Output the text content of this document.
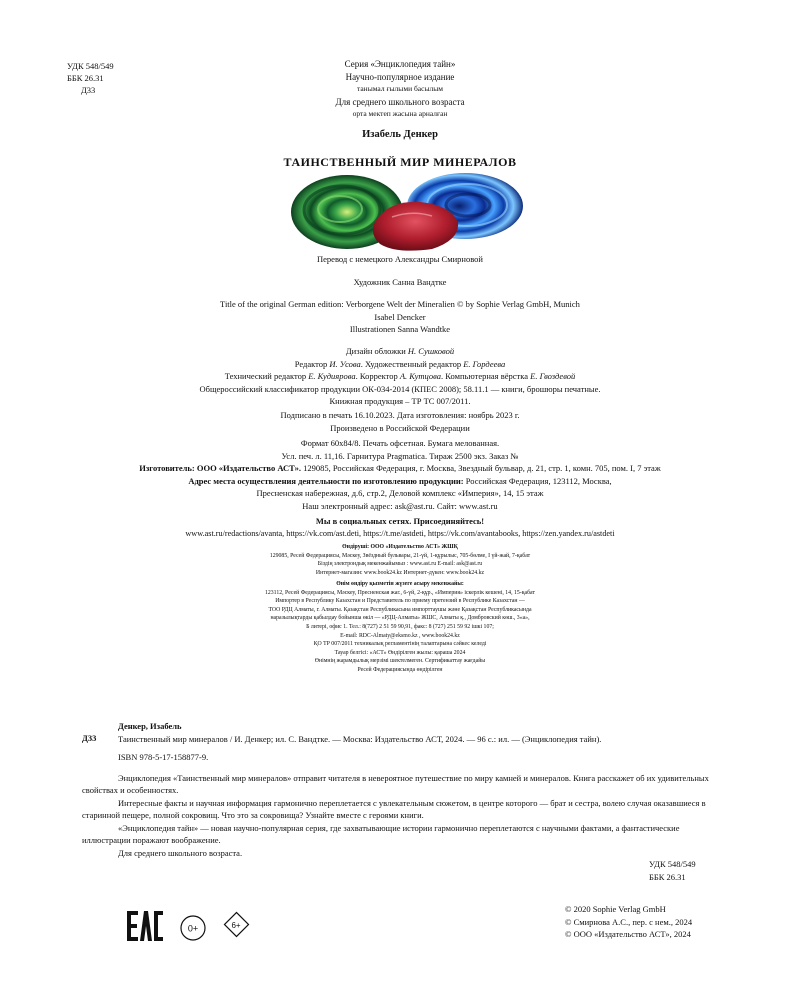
УДК 548/549
ББК 26.31
Д33
Серия «Энциклопедия тайн»
Научно-популярное издание
танымал ғылыми басылым
Для среднего школьного возраста
орта мектеп жасына арналған
Изабель Денкер
ТАИНСТВЕННЫЙ МИР МИНЕРАЛОВ
Перевод с немецкого Александры Смирновой
Художник Санна Вандтке
Title of the original German edition: Verborgene Welt der Mineralien © by Sophie Verlag GmbH, Munich
Isabel Dencker
Illustrationen Sanna Wandtke
Дизайн обложки Н. Сушковой
Редактор И. Усова. Художественный редактор Е. Гордеева
Технический редактор Е. Кудиярова. Корректор А. Кутцова. Компьютерная вёрстка Е. Гвоздевой
Общероссийский классификатор продукции ОК-034-2014 (КПЕС 2008); 58.11.1 — книги, брошюры печатные.
Книжная продукция – ТР ТС 007/2011.
Подписано в печать 16.10.2023. Дата изготовления: ноябрь 2023 г.
Произведено в Российской Федерации
Формат 60x84/8. Печать офсетная. Бумага мелованная.
Усл. печ. л. 11,16. Гарнитура Pragmatica. Тираж 2500 экз. Заказ №
Изготовитель: ООО «Издательство АСТ». 129085, Российская Федерация, г. Москва, Звездный бульвар, д. 21, стр. 1, комн. 705, пом. I, 7 этаж
Адрес места осуществления деятельности по изготовлению продукции: Российская Федерация, 123112, Москва,
Пресненская набережная, д.6, стр.2, Деловой комплекс «Империя», 14, 15 этаж
Наш электронный адрес: ask@ast.ru. Сайт: www.ast.ru
Мы в социальных сетях. Присоединяйтесь!
www.ast.ru/redactions/avanta, https://vk.com/ast.deti, https://t.me/astdeti, https://vk.com/avantabooks, https://zen.yandex.ru/astdeti
Өндіруші: ООО «Издательство АСТ» ЖШҚ
129085, Ресей Федерациясы, Мәскеу, Звёздный бульвары, 21-үй, 1-құрылыс, 705-бөлме, I үй-жай, 7-қабат
Біздің электрондық мекенжайымыз : www.ast.ru E-mail: ask@ast.ru
Интернет-магазин: www.book24.kz Интернет-дүкен: www.book24.kz
Өнім өндіру қызметін жүзеге асыру мекенжайы:
123112, Ресей Федерациясы, Мәскеу, Пресненская жаг., 6-үй, 2-құр., «Империя» іскерлік кешені, 14, 15-қабат
Импортер в Республику Казахстан и Представитель по приему претензий в Республике Казахстан —
ТОО РДЦ Алматы, г. Алматы. Қазақстан Республикасына импорттаушы және Қазақстан Республикасында
наразылықтарды қабылдау бойынша өкіл — «РДЦ-Алматы» ЖШС, Алматы қ., Домбровский көш., 3«а»,
Б литері, офис 1. Тел.: 8(727) 2 51 59 90,91, факс: 8 (727) 251 59 92 ішкі 107;
E-mail: RDC-Almaty@eksmo.kz , www.book24.kz
ҚО ТР 007/2011 техникалық регламентінің талаптарына сәйкес келеді
Тауар белгісі: «АСТ» Өндірілген жылы: қараша 2024
Өнімнің жарамдылық мерзімі шектелмеген. Сертификаттау жағдайы
Ресей Федерациясында өндірілген
Д33

Денкер, Изабель

Таинственный мир минералов / И. Денкер; ил. С. Вандтке. — Москва: Издательство АСТ, 2024. — 96 с.: ил. — (Энциклопедия тайн).

ISBN 978-5-17-158877-9.

Энциклопедия «Таинственный мир минералов» отправит читателя в невероятное путешествие по миру камней и минералов. Книга расскажет об их удивительных свойствах и особенностях.

Интересные факты и научная информация гармонично переплетается с увлекательным сюжетом, в центре которого — брат и сестра, волею случая оказавшиеся в старинной пещере, полной сокровищ. Что это за сокровища? Узнайте вместе с героями книги.

«Энциклопедия тайн» — новая научно-популярная серия, где захватывающие истории гармонично переплетаются с научными фактами, а фантастические иллюстрации поражают воображение.

Для среднего школьного возраста.

УДК 548/549
ББК 26.31
0+	6+
© 2020 Sophie Verlag GmbH
© Смирнова А.С., пер. с нем., 2024
© ООО «Издательство АСТ», 2024
